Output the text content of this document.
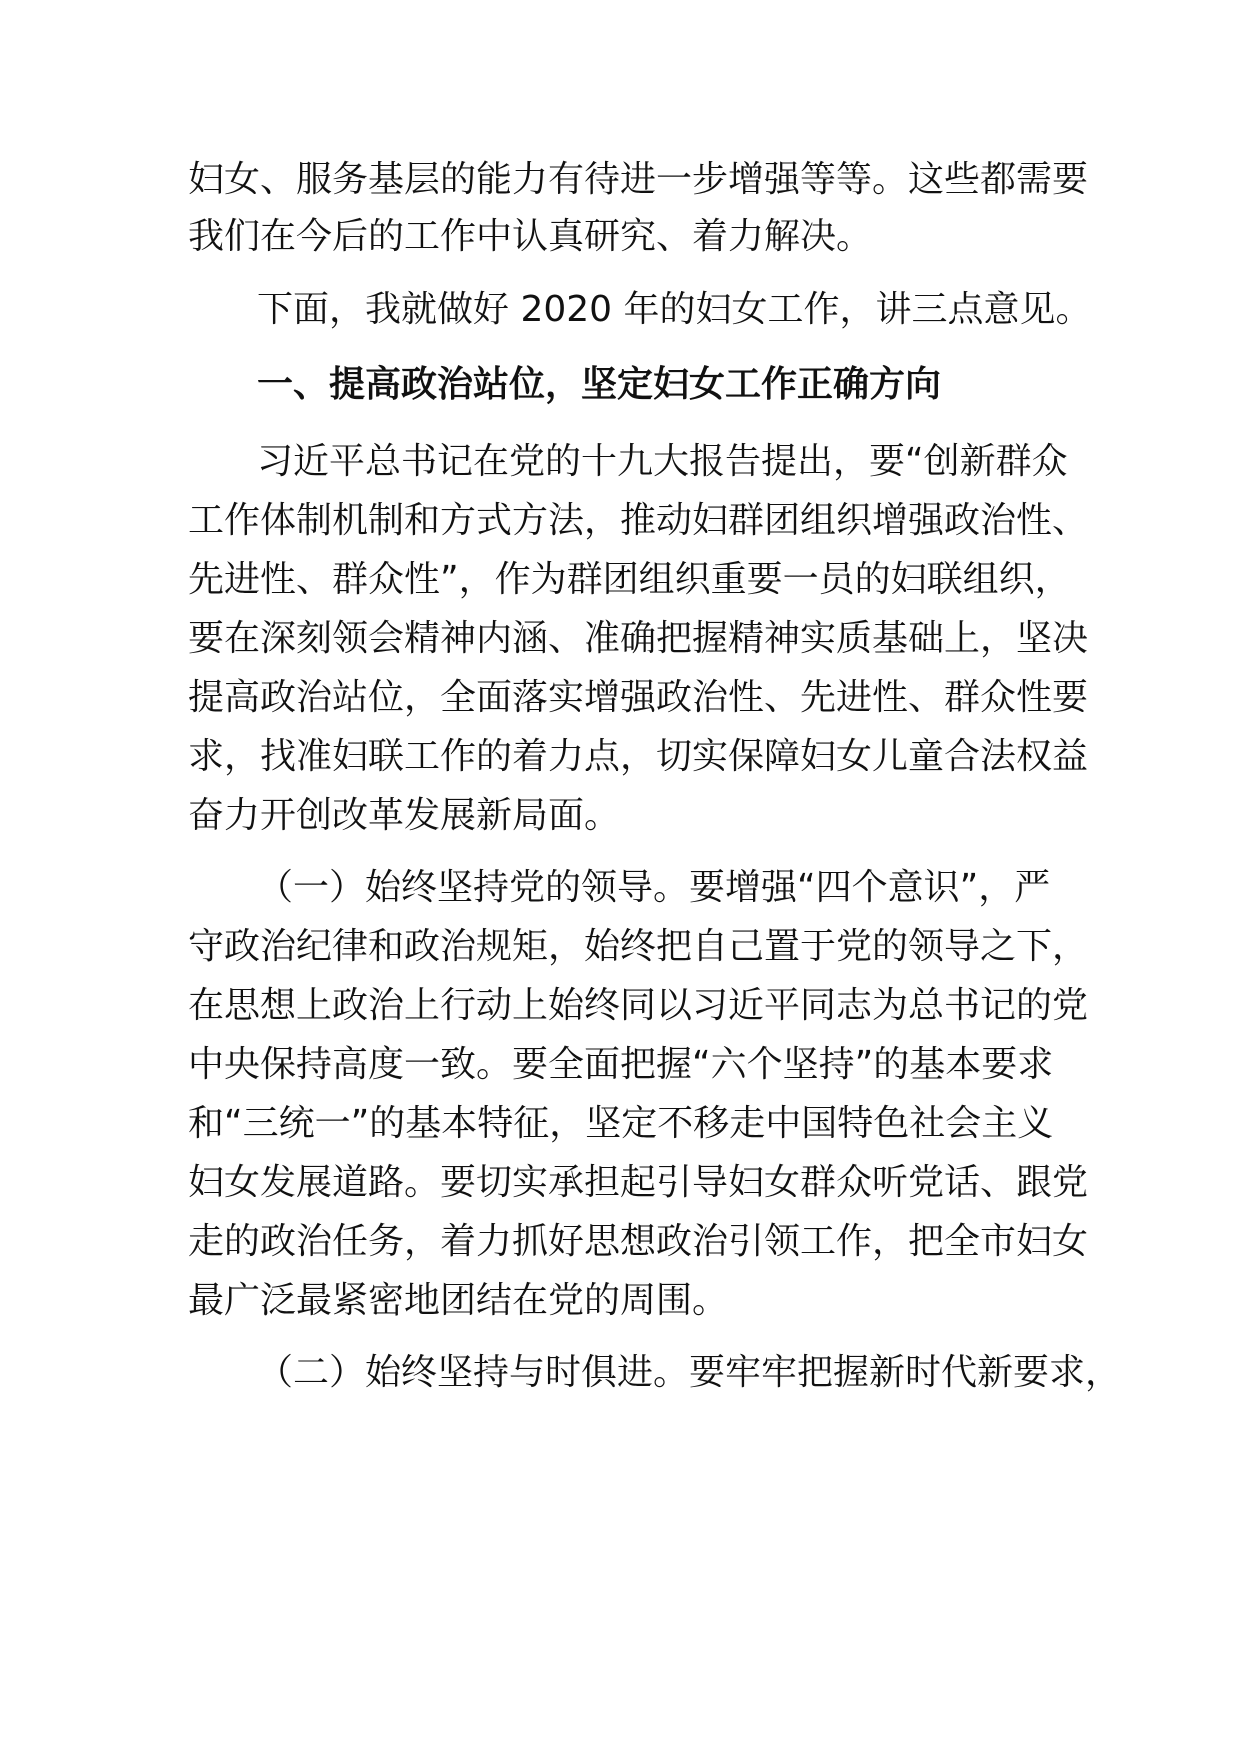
妇女、服务基层的能力有待进一步增强等等。这些都需要
我们在今后的工作中认真研究、着力解决。
下面，我就做好 2020 年的妇女工作，讲三点意见。
一、提高政治站位，坚定妇女工作正确方向
习近平总书记在党的十九大报告提出，要“创新群众
工作体制机制和方式方法，推动妇群团组织增强政治性、
先进性、群众性”，作为群团组织重要一员的妇联组织，
要在深刻领会精神内涵、准确把握精神实质基础上，坚决
提高政治站位，全面落实增强政治性、先进性、群众性要
求，找准妇联工作的着力点，切实保障妇女儿童合法权益
奋力开创改革发展新局面。
（一）始终坚持党的领导。要增强“四个意识”，严
守政治纪律和政治规矩，始终把自己置于党的领导之下，
在思想上政治上行动上始终同以习近平同志为总书记的党
中央保持高度一致。要全面把握“六个坚持”的基本要求
和“三统一”的基本特征，坚定不移走中国特色社会主义
妇女发展道路。要切实承担起引导妇女群众听党话、跟党
走的政治任务，着力抓好思想政治引领工作，把全市妇女
最广泛最紧密地团结在党的周围。
（二）始终坚持与时俱进。要牢牢把握新时代新要求，
